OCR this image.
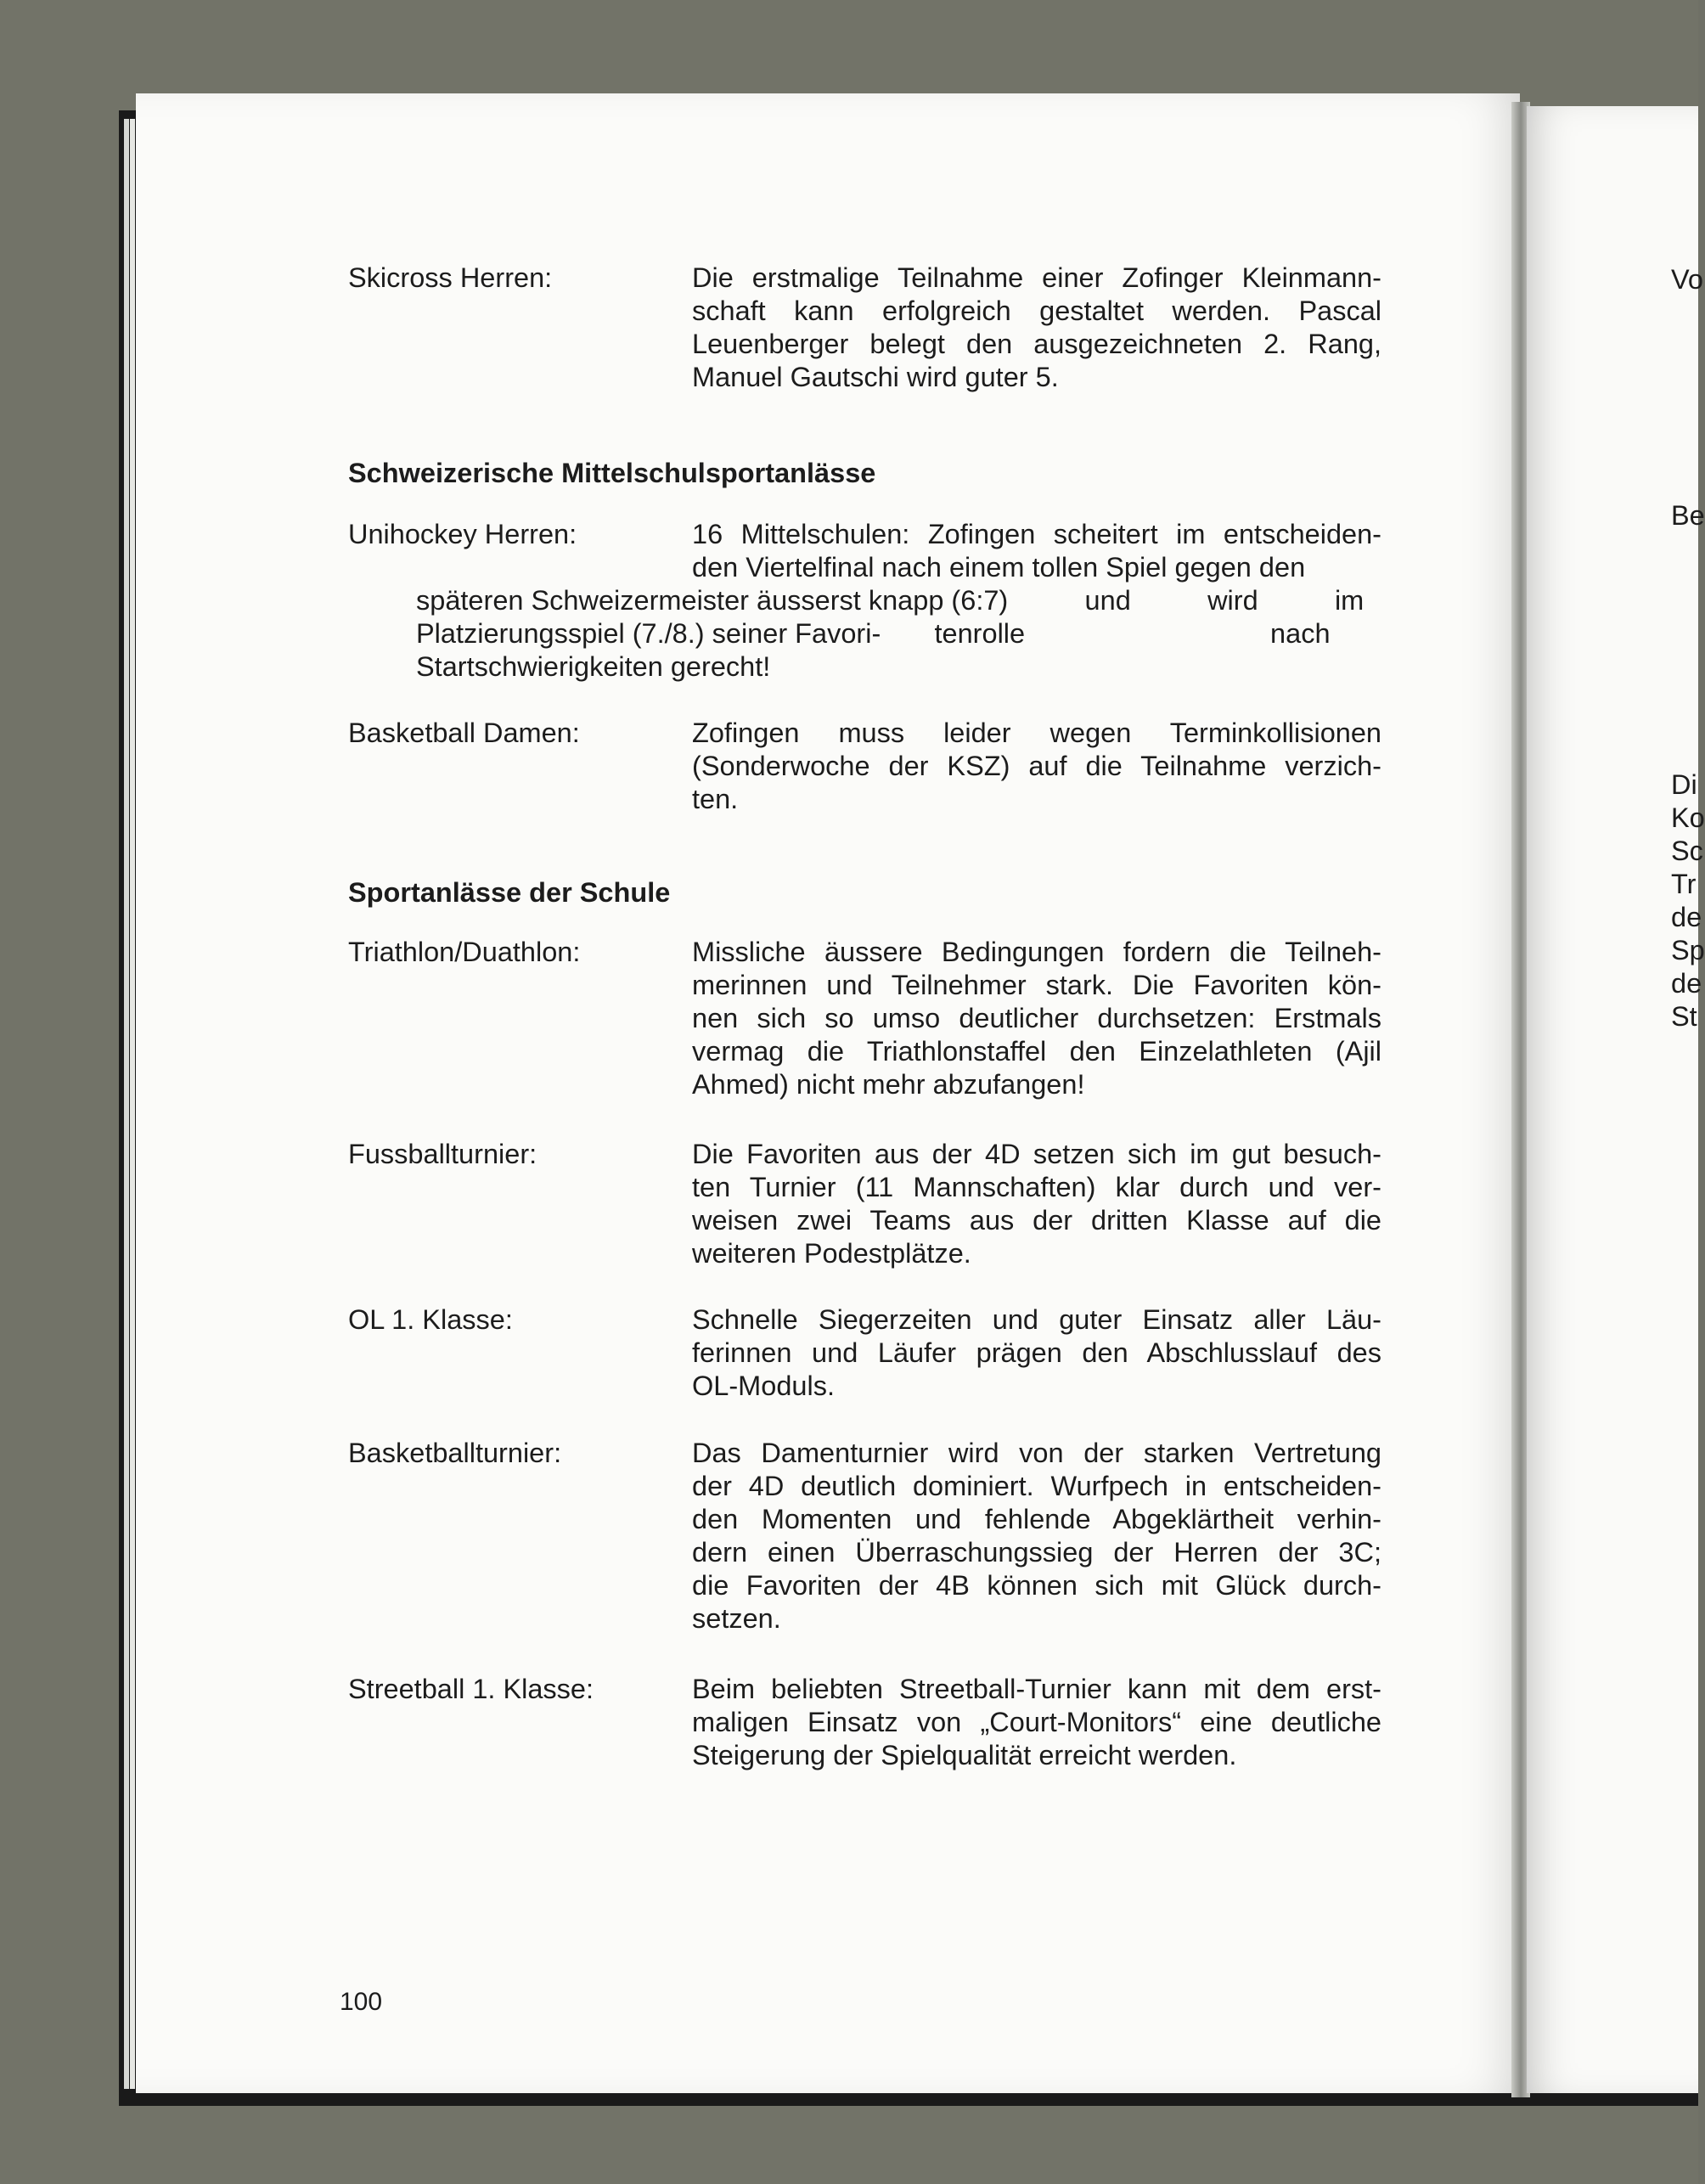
Skicross Herren:	Die erstmalige Teilnahme einer Zofinger Kleinmann-
schaft kann erfolgreich gestaltet werden. Pascal
Leuenberger belegt den ausgezeichneten 2. Rang,
Manuel Gautschi wird guter 5.
Schweizerische Mittelschulsportanlässe
Unihockey Herren:	16 Mittelschulen: Zofingen scheitert im entscheiden-
den Viertelfinal nach einem tollen Spiel gegen den
späteren Schweizermeister äusserst knapp (6:7)          und          wird          im
Platzierungsspiel (7./8.) seiner Favori-       tenrolle                                nach
Startschwierigkeiten gerecht!
Basketball Damen:	Zofingen muss leider wegen Terminkollisionen
(Sonderwoche der KSZ) auf die Teilnahme verzich-
ten.
Sportanlässe der Schule
Triathlon/Duathlon:	Missliche äussere Bedingungen fordern die Teilneh-
merinnen und Teilnehmer stark. Die Favoriten kön-
nen sich so umso deutlicher durchsetzen: Erstmals
vermag die Triathlonstaffel den Einzelathleten (Ajil
Ahmed) nicht mehr abzufangen!
Fussballturnier:	Die Favoriten aus der 4D setzen sich im gut besuch-
ten Turnier (11 Mannschaften) klar durch und ver-
weisen zwei Teams aus der dritten Klasse auf die
weiteren Podestplätze.
OL 1. Klasse:	Schnelle Siegerzeiten und guter Einsatz aller Läu-
ferinnen und Läufer prägen den Abschlusslauf des
OL-Moduls.
Basketballturnier:	Das Damenturnier wird von der starken Vertretung
der 4D deutlich dominiert. Wurfpech in entscheiden-
den Momenten und fehlende Abgeklärtheit verhin-
dern einen Überraschungssieg der Herren der 3C;
die Favoriten der 4B können sich mit Glück durch-
setzen.
Streetball 1. Klasse:	Beim beliebten Streetball-Turnier kann mit dem erst-
maligen Einsatz von „Court-Monitors“ eine deutliche
Steigerung der Spielqualität erreicht werden.
100
Vo
Be
Di
Ko
Sc
Tr
de
Sp
de
St
